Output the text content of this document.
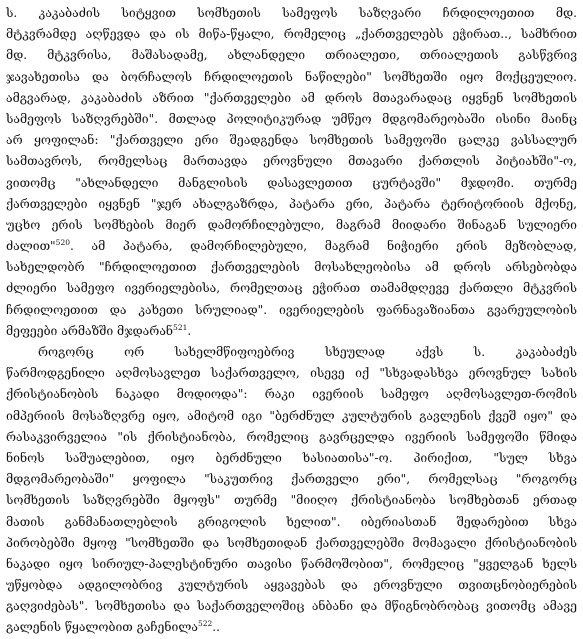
ს. კაკაბაძის სიტყვით სომხეთის სამეფოს საზღვარი ჩრდილოეთით მდ.
მტკვრამდე აღწევდა და ის მიწა-წყალი, რომელიც „ქართველებს ეჭირათ.., სამხრით
მდ. მტკვრისა, მაშასადამე, ახლანდელი თრიალეთი, თრიალეთის გასწვრივ
ჯავახეთისა და ბორჩალოს ჩრდილოეთის ნაწილები" სომხეთში იყო მოქცეულიო.
ამგვარად, კაკაბაძის აზრით "ქართველები ამ დროს მთავარადაც იყვნენ სომხეთის
სამეფოს საზღვრებში". მთლად პოლიტიკურად უმწეო მდგომარეობაში ისინი მაინც
არ ყოფილან: "ქართველი ერი შეადგენდა სომხეთის სამეფოში ცალკე ვასსალურ
სამთავროს, რომელსაც მართავდა ეროვნული მთავარი ქართლის პიტიახში"-ო,
ვითომც "ახლანდელი მანგლისის დასავლეთით ცურტავში" მჯდომი. თურმე
ქართველები იყვნენ "ჯერ ახალგაზრდა, პატარა ერი, პატარა ტერიტორიის მქონე,
უცხო ერის სომხების მიერ დამორჩილებული, მაგრამ მიიდარი შინაგან სულიერი
ძალით"$^{520}$. ამ პატარა, დამორჩილებული, მაგრამ ნიჭიერი ერის მეზობლად,
სახელდობრ "ჩრდილოეთით ქართველების მოსახლეობისა ამ დროს არსებობდა
ძლიერი სამეფო ივერიელებისა, რომელთაც ეჭირათ თამამდღევე ქართლი მტკვრის
ჩრდილოეთით და კახეთი სრულიად". ივერიელების ფარნავაზიანთა გვარეულობის
მეფეები არმაზში მჯდარან$^{521}$.
როგორც ორ სახელმწიფოებრივ სხეულად აქვს ს. კაკაბაძეს
წარმოდგენილი აღმოსავლეთ საქართველო, ისევე იქ "სხვადასხვა ეროვნულ სახის
ქრისტიანობის ნაკადი მოდიოდა": რაკი ივერიის სამეფო აღმოსავლეთ-რომის
იმპერიის მოსაზღვრე იყო, ამიტომ იგი "ბერძნულ კულტურის გავლენის ქვეშ იყო" და
რასაკვირველია "ის ქრისტიანობა, რომელიც გავრცელდა ივერიის სამეფოში წმიდა
ნინოს საშუალებით, იყო ბერძნული ხასიათისა"-ო. პირიქით, "სულ სხვა
მდგომარეობაში" ყოფილა "საკუთრივ ქართველი ერი", რომელსაც "როგორც
სომხეთის საზღვრებში მყოფს" თურმე "მიიღო ქრისტიანობა სომხებთან ერთად
მათის განმანათლებლის გრიგოლის ხელით". იბერიასთან შედარებით სხვა
პირობებში მყოფ "სომხეთში და სომხეთიდან ქართველებში მომავალი ქრისტიანობის
ნაკადი იყო სირიულ-პალესტინური თავისი წარმოშობით", რომელიც "ყველგან ხელს
უწყობდა ადგილობრივ კულტურის აყვავებას და ეროვნული თვითცნობიერების
გაღვიძებას". სომხეთისა და საქართველოშიც ანბანი და მწიგნობრობაც ვითომც ამავე
გალენის წყალობით გაჩენილა$^{522}$..
